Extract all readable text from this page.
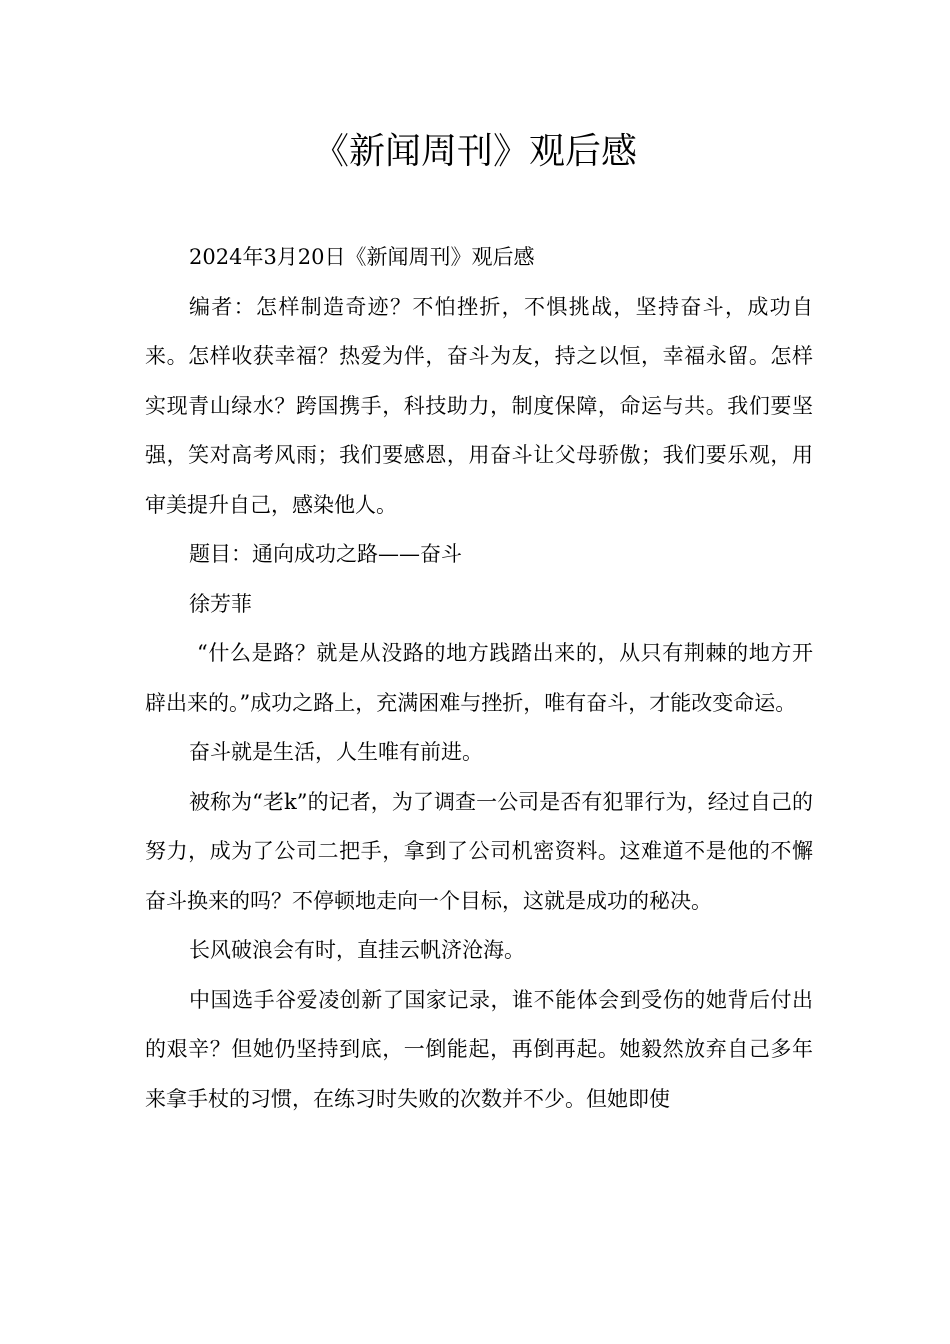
《新闻周刊》观后感

2024年3月20日《新闻周刊》观后感

编者：怎样制造奇迹？不怕挫折，不惧挑战，坚持奋斗，成功自来。怎样收获幸福？热爱为伴，奋斗为友，持之以恒，幸福永留。怎样实现青山绿水？跨国携手，科技助力，制度保障，命运与共。我们要坚强，笑对高考风雨；我们要感恩，用奋斗让父母骄傲；我们要乐观，用审美提升自己，感染他人。

题目：通向成功之路——奋斗

徐芳菲

“什么是路？就是从没路的地方践踏出来的，从只有荆棘的地方开辟出来的。”成功之路上，充满困难与挫折，唯有奋斗，才能改变命运。

奋斗就是生活，人生唯有前进。

被称为“老k”的记者，为了调查一公司是否有犯罪行为，经过自己的努力，成为了公司二把手，拿到了公司机密资料。这难道不是他的不懈奋斗换来的吗？不停顿地走向一个目标，这就是成功的秘决。

长风破浪会有时，直挂云帆济沧海。

中国选手谷爱凌创新了国家记录，谁不能体会到受伤的她背后付出的艰辛？但她仍坚持到底，一倒能起，再倒再起。她毅然放弃自己多年来拿手杖的习惯，在练习时失败的次数并不少。但她即使
